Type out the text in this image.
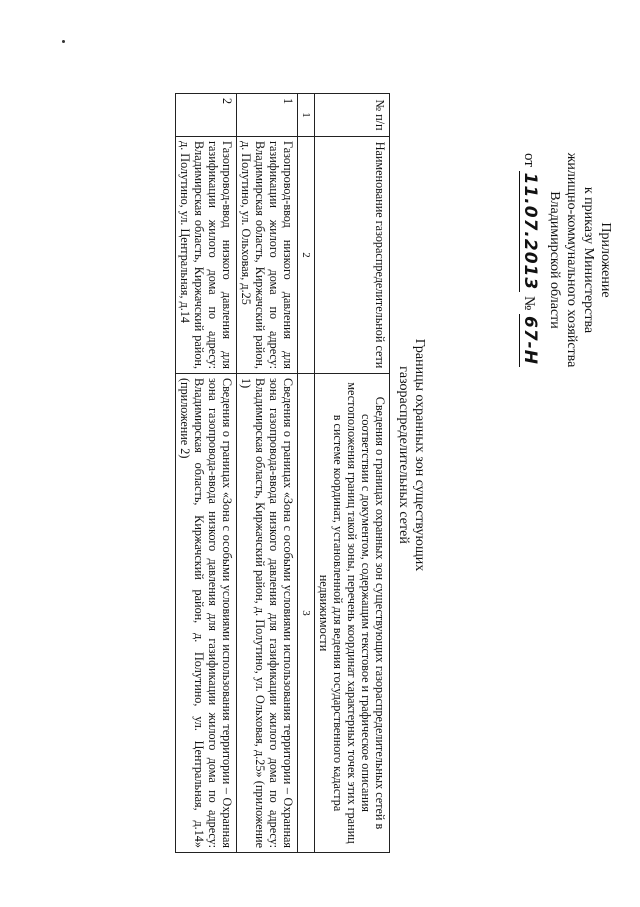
Приложение
к приказу Министерства
жилищно-коммунального хозяйства
Владимирской области
от 11.07.2013 № 67-Н
Границы охранных зон существующих
газораспределительных сетей
№ п/п	Наименование газораспределительной сети	Сведения о границах охранных зон существующих газораспределительных сетей в соответствии с документом, содержащим текстовое и графическое описания местоположения границ такой зоны, перечень координат характерных точек этих границ в системе координат, установленной для ведения государственного кадастра недвижимости
1	2	3
1	Газопровод-ввод низкого давления для газификации жилого дома по адресу: Владимирская область, Киржачский район, д. Полутино, ул. Ольховая, д.25	Сведения о границах «Зона с особыми условиями использования территории – Охранная зона газопровода-ввода низкого давления для газификации жилого дома по адресу: Владимирская область, Киржачский район, д. Полутино, ул. Ольховая, д.25» (приложение 1)
2	Газопровод-ввод низкого давления для газификации жилого дома по адресу: Владимирская область, Киржачский район, д. Полутино, ул. Центральная, д.14	Сведения о границах «Зона с особыми условиями использования территории – Охранная зона газопровода-ввода низкого давления для газификации жилого дома по адресу: Владимирская область, Киржачский район, д. Полутино, ул. Центральная, д.14» (приложение 2)
